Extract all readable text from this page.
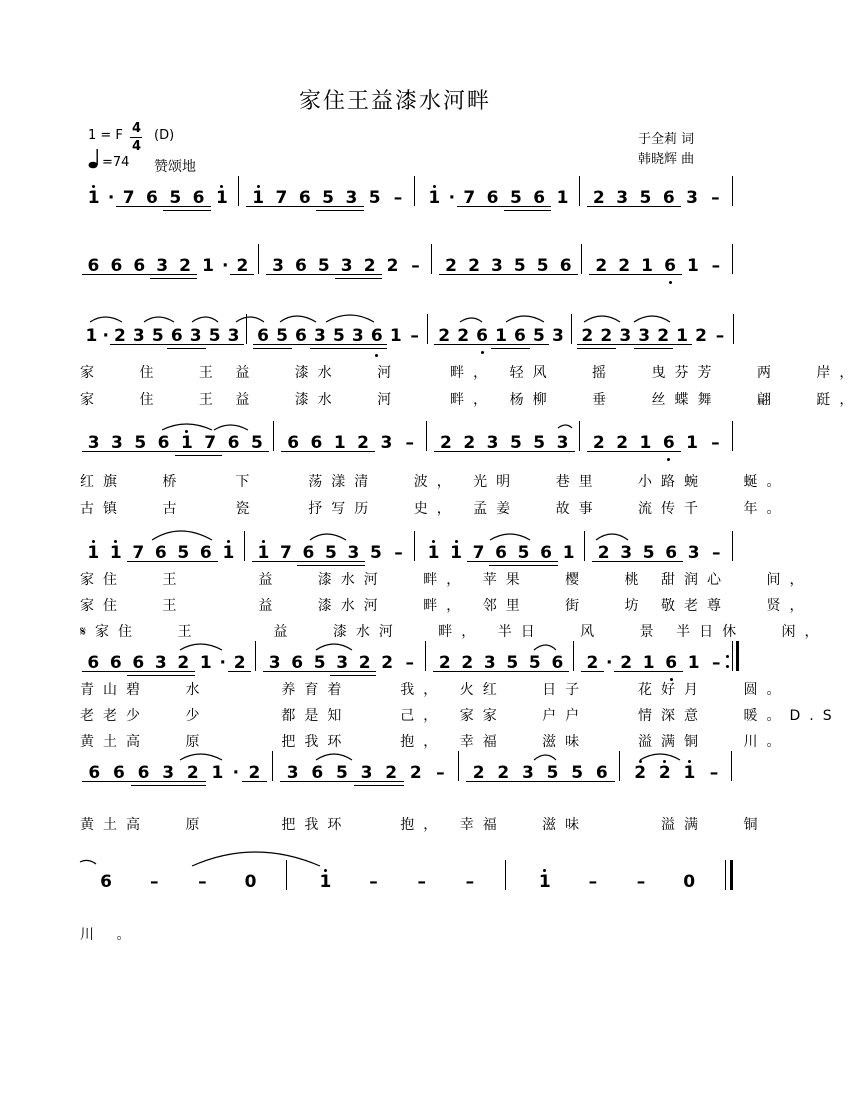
家住王益漆水河畔
1 = F 4
4
(D)
=74 赞颂地
于全莉 词
韩晓辉 曲
1 · 7 6 5 6 1 1 7 6 5 3 5 – 1 · 7 6 5 6 1 2 3 5 6 3 –
6 6 6 3 2 1 · 2 3 6 5 3 2 2 – 2 2 3 5 5 6 2 2 1 6 1 –
1 · 2 3 5 6 3 5 3 6 5 6 3 5 3 6 1 – 2 2 6 1 6 5 3 2 2 3 3 2 1 2 –
3 3 5 6 1 7 6 5 6 6 1 2 3 – 2 2 3 5 5 3 2 2 1 6 1 –
1 1 7 6 5 6 1 1 7 6 5 3 5 – 1 1 7 6 5 6 1 2 3 5 6 3 –
6 6 6 3 2 1 · 2 3 6 5 3 2 2 – 2 2 3 5 5 6 2 · 2 1 6 1 –
6 6 6 3 2 1 · 2 3 6 5 3 2 2 – 2 2 3 5 5 6 2 2 1 –
6 – – 0	1 – – –	1 – – 0
家 　住 　王 益 　漆水 　河 　 畔， 轻风 　摇 　曳芬芳 　两 　岸，
家 　住 　王 益 　漆水 　河 　 畔， 杨柳 　垂 　丝蝶舞 　翩 　跹，
红旗 　桥 　 下 　 荡漾清 　波， 光明 　巷里 　小路蜿 　蜒。
古镇 　古 　 瓷 　 抒写历 　史， 孟姜 　故事 　流传千 　年。
家住 　王 　　 益 　漆水河 　畔， 苹果 　樱 　桃 甜润心 　间，
家住 　王 　　 益 　漆水河 　畔， 邻里 　街 　坊 敬老尊 　贤，
𝄋家住 　王 　　 益 　漆水河 　畔， 半日 　风 　景 半日休 　闲，
青山碧 　水 　　 养育着 　 我， 火红 　日子 　 花好月 　圆。
老老少 　少 　　 都是知 　 己， 家家 　户户 　 情深意 　暖。D.S
黄土高 　原 　　 把我环 　 抱， 幸福 　滋味 　 溢满铜 　川。
黄土高 　原 　　 把我环 　 抱， 幸福 　滋味 　　 溢满 　铜
川 。
